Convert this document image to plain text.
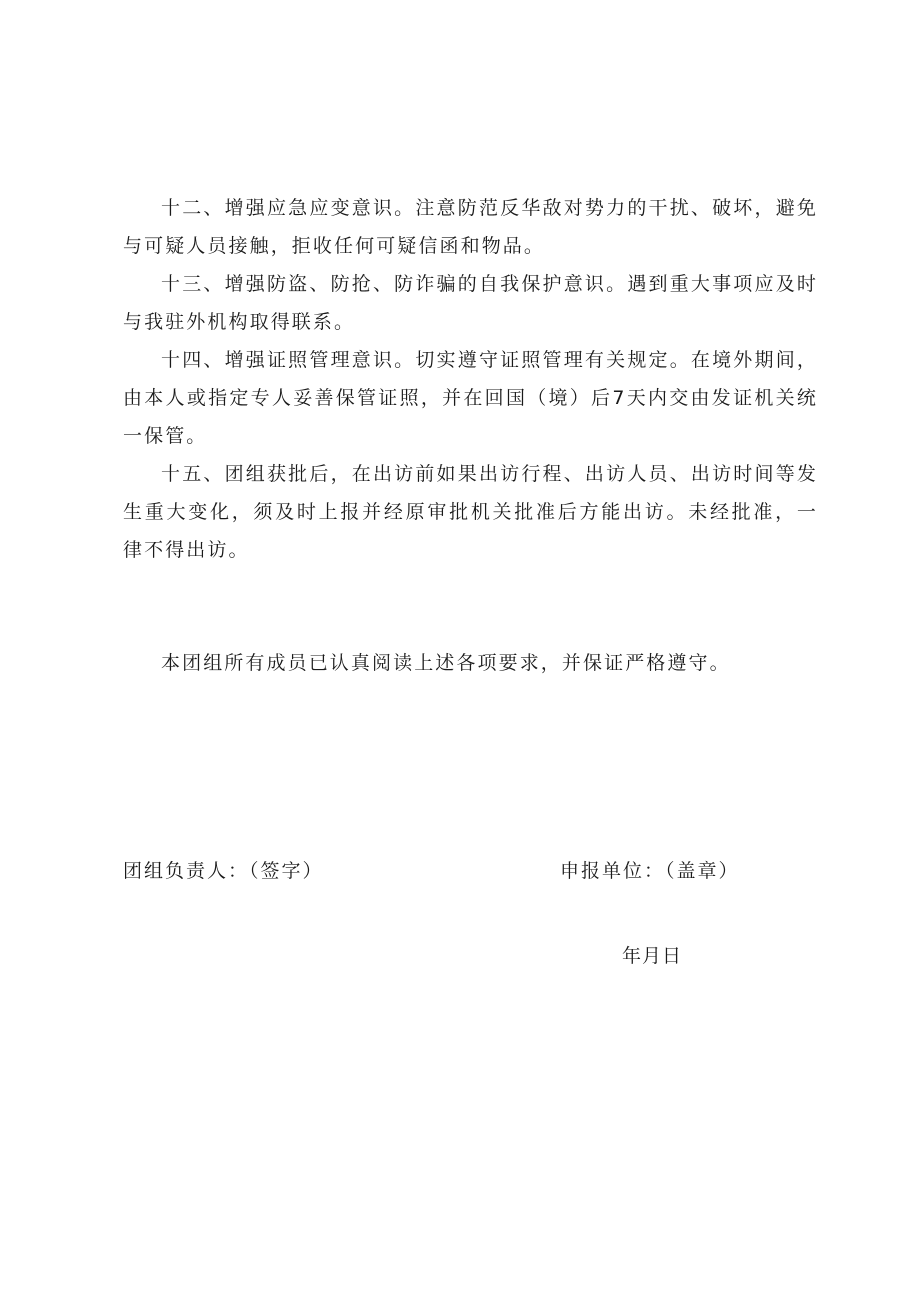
十二、增强应急应变意识。注意防范反华敌对势力的干扰、破坏，避免与可疑人员接触，拒收任何可疑信函和物品。

十三、增强防盗、防抢、防诈骗的自我保护意识。遇到重大事项应及时与我驻外机构取得联系。

十四、增强证照管理意识。切实遵守证照管理有关规定。在境外期间，由本人或指定专人妥善保管证照，并在回国（境）后7天内交由发证机关统一保管。

十五、团组获批后，在出访前如果出访行程、出访人员、出访时间等发生重大变化，须及时上报并经原审批机关批准后方能出访。未经批准，一律不得出访。

本团组所有成员已认真阅读上述各项要求，并保证严格遵守。

团组负责人：（签字）	申报单位：（盖章）

年月日
